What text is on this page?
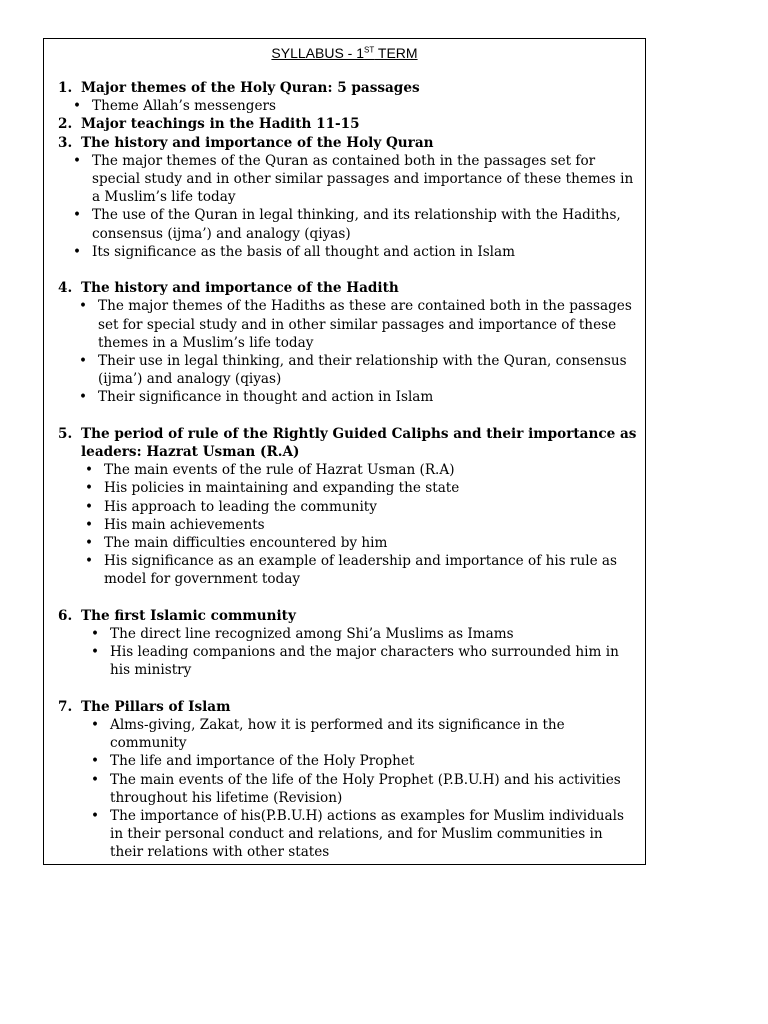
SYLLABUS - 1ST TERM
1. Major themes of the Holy Quran: 5 passages
• Theme Allah’s messengers
2. Major teachings in the Hadith 11-15
3. The history and importance of the Holy Quran
• The major themes of the Quran as contained both in the passages set for special study and in other similar passages and importance of these themes in a Muslim’s life today
• The use of the Quran in legal thinking, and its relationship with the Hadiths, consensus (ijma’) and analogy (qiyas)
• Its significance as the basis of all thought and action in Islam
4. The history and importance of the Hadith
• The major themes of the Hadiths as these are contained both in the passages set for special study and in other similar passages and importance of these themes in a Muslim’s life today
• Their use in legal thinking, and their relationship with the Quran, consensus (ijma’) and analogy (qiyas)
• Their significance in thought and action in Islam
5. The period of rule of the Rightly Guided Caliphs and their importance as leaders: Hazrat Usman (R.A)
• The main events of the rule of Hazrat Usman (R.A)
• His policies in maintaining and expanding the state
• His approach to leading the community
• His main achievements
• The main difficulties encountered by him
• His significance as an example of leadership and importance of his rule as model for government today
6. The first Islamic community
• The direct line recognized among Shi’a Muslims as Imams
• His leading companions and the major characters who surrounded him in his ministry
7. The Pillars of Islam
• Alms-giving, Zakat, how it is performed and its significance in the community
• The life and importance of the Holy Prophet
• The main events of the life of the Holy Prophet (P.B.U.H) and his activities throughout his lifetime (Revision)
• The importance of his(P.B.U.H) actions as examples for Muslim individuals in their personal conduct and relations, and for Muslim communities in their relations with other states
